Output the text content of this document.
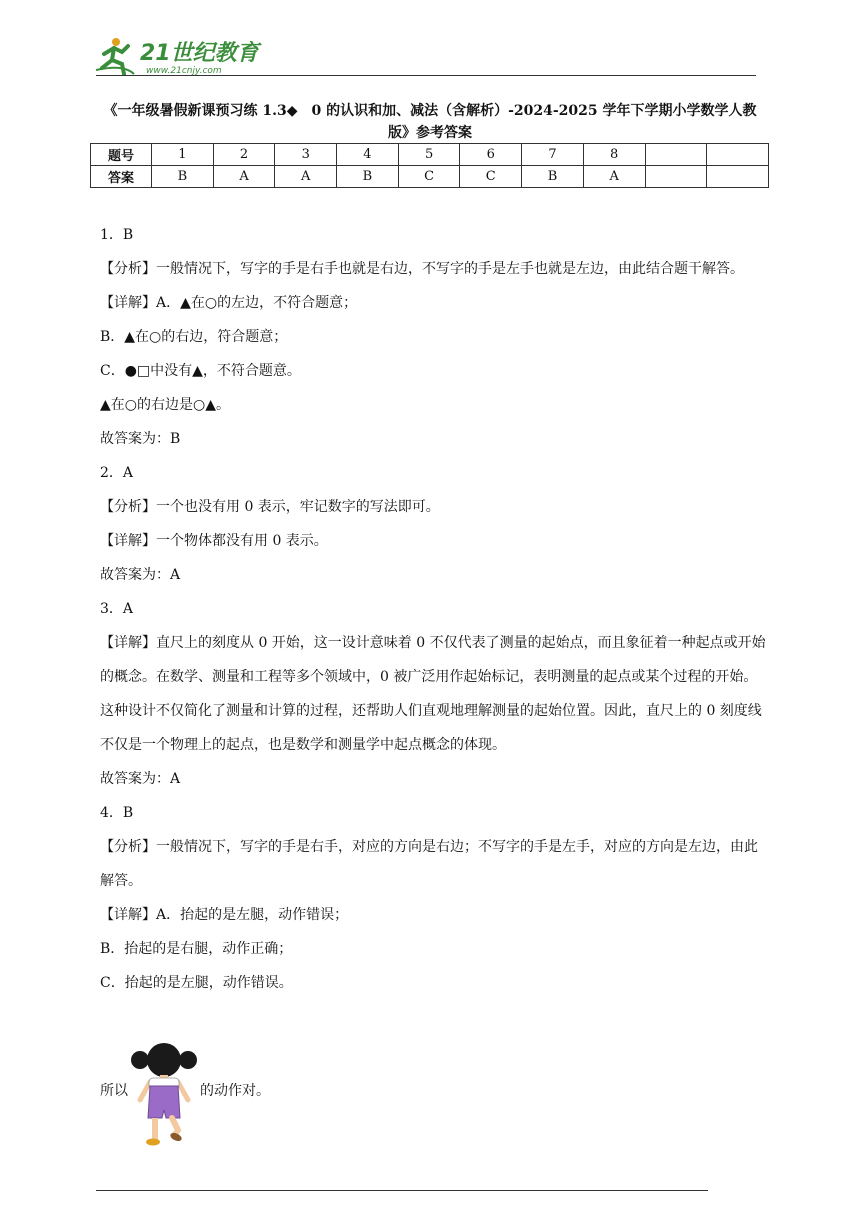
21世纪教育
www.21cnjy.com
《一年级暑假新课预习练 1.3◆　0 的认识和加、减法（含解析）-2024-2025 学年下学期小学数学人教版》参考答案
题号	1	2	3	4	5	6	7	8		
答案	B	A	A	B	C	C	B	A		

1．B

【分析】一般情况下，写字的手是右手也就是右边，不写字的手是左手也就是左边，由此结合题干解答。

【详解】A．▲在○的左边，不符合题意；

B．▲在○的右边，符合题意；

C．●□中没有▲，不符合题意。

▲在○的右边是○▲。

故答案为：B

2．A

【分析】一个也没有用 0 表示，牢记数字的写法即可。

【详解】一个物体都没有用 0 表示。

故答案为：A

3．A

【详解】直尺上的刻度从 0 开始，这一设计意味着 0 不仅代表了测量的起始点，而且象征着一种起点或开始的概念。在数学、测量和工程等多个领域中，0 被广泛用作起始标记，表明测量的起点或某个过程的开始。这种设计不仅简化了测量和计算的过程，还帮助人们直观地理解测量的起始位置。因此，直尺上的 0 刻度线不仅是一个物理上的起点，也是数学和测量学中起点概念的体现。

故答案为：A

4．B

【分析】一般情况下，写字的手是右手，对应的方向是右边；不写字的手是左手，对应的方向是左边，由此解答。

【详解】A．抬起的是左腿，动作错误；

B．抬起的是右腿，动作正确；

C．抬起的是左腿，动作错误。

所以	的动作对。
